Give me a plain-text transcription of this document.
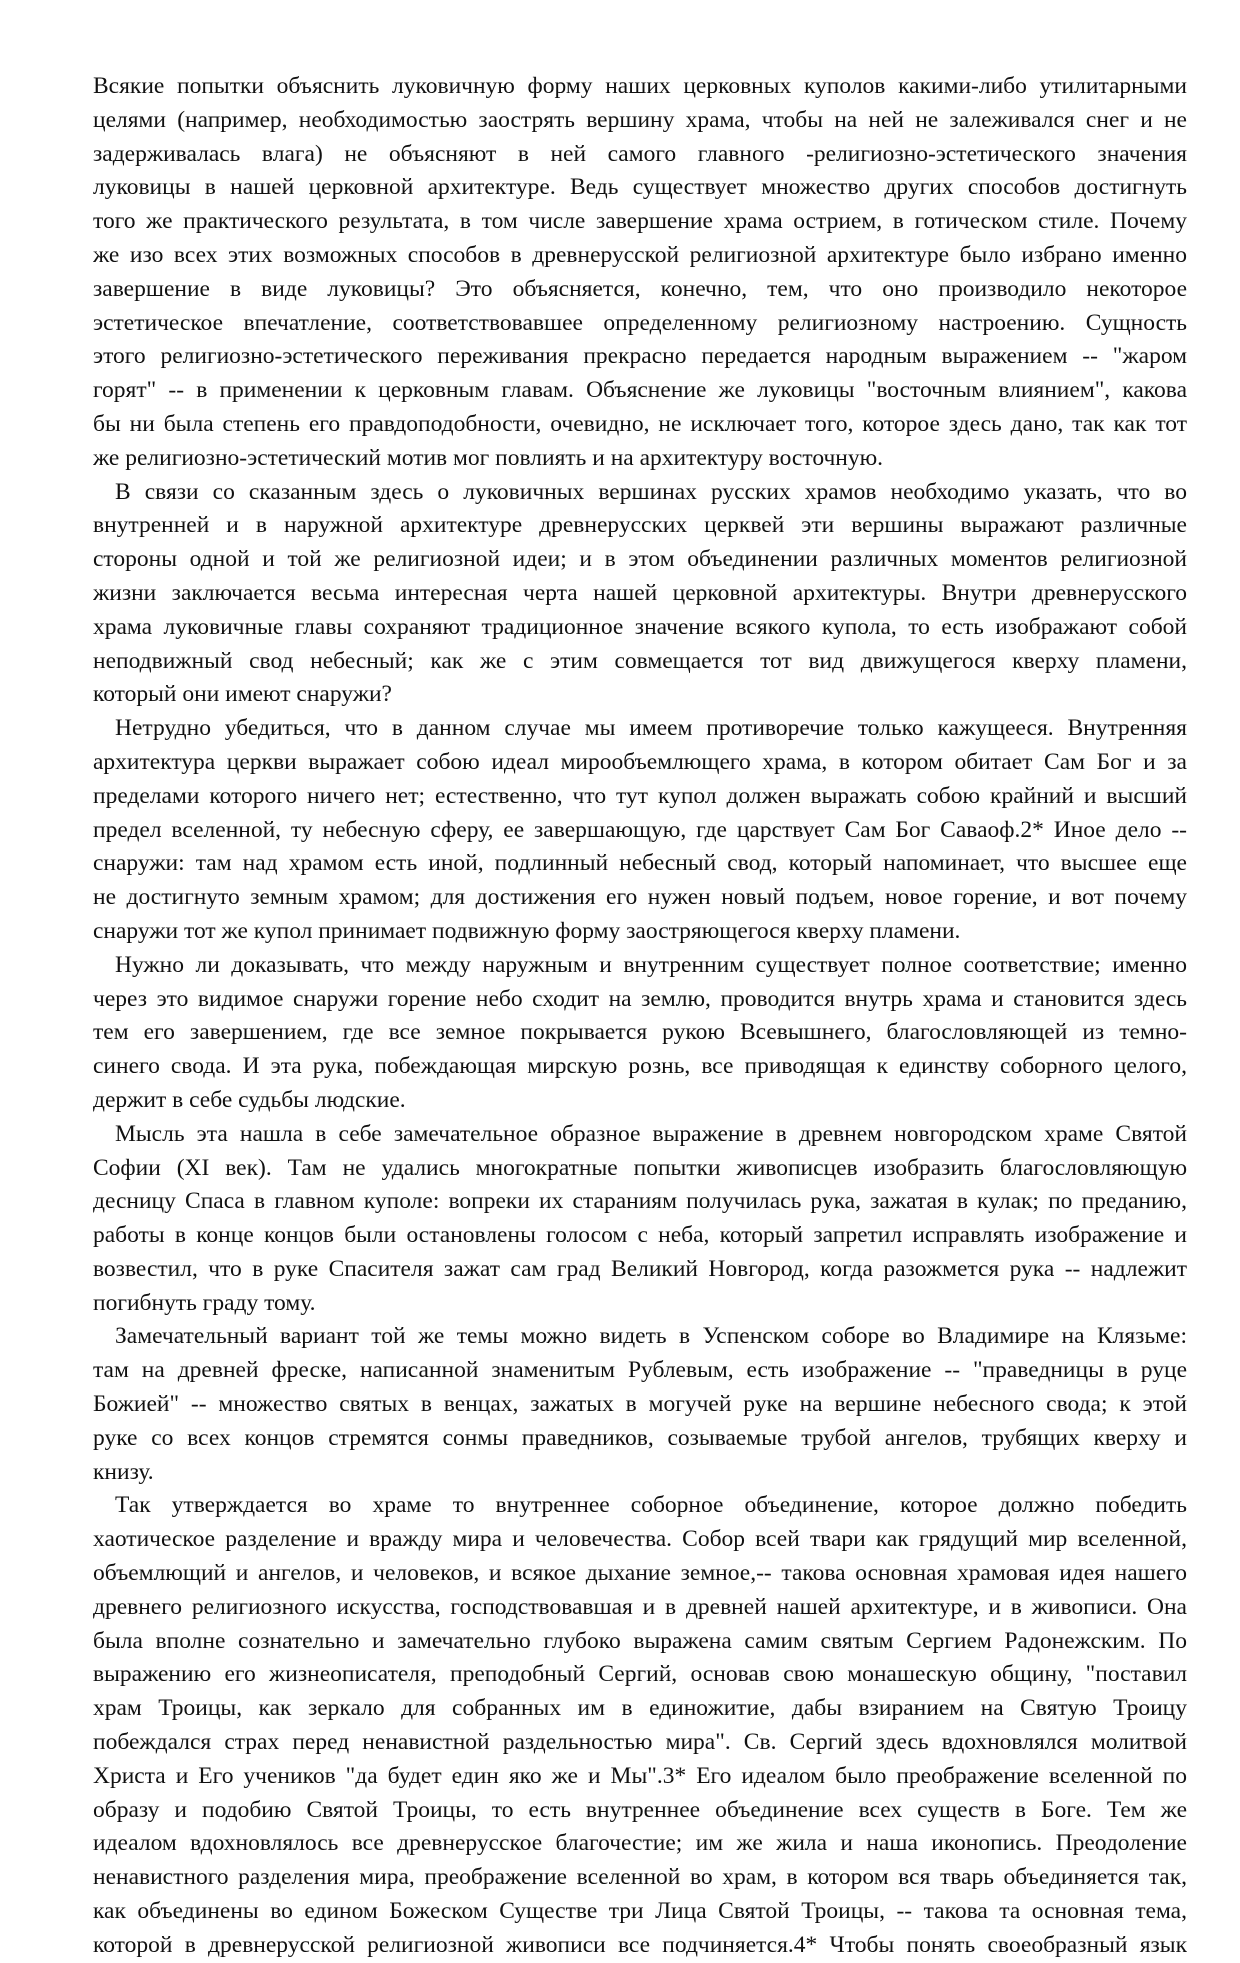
Всякие попытки объяснить луковичную форму наших церковных куполов какими-либо утилитарными
целями (например, необходимостью заострять вершину храма, чтобы на ней не залеживался снег и не
задерживалась влага) не объясняют в ней самого главного -религиозно-эстетического значения
луковицы в нашей церковной архитектуре. Ведь существует множество других способов достигнуть
того же практического результата, в том числе завершение храма острием, в готическом стиле. Почему
же изо всех этих возможных способов в древнерусской религиозной архитектуре было избрано именно
завершение в виде луковицы? Это объясняется, конечно, тем, что оно производило некоторое
эстетическое впечатление, соответствовавшее определенному религиозному настроению. Сущность
этого религиозно-эстетического переживания прекрасно передается народным выражением -- "жаром
горят" -- в применении к церковным главам. Объяснение же луковицы "восточным влиянием", какова
бы ни была степень его правдоподобности, очевидно, не исключает того, которое здесь дано, так как тот
же религиозно-эстетический мотив мог повлиять и на архитектуру восточную.
В связи со сказанным здесь о луковичных вершинах русских храмов необходимо указать, что во
внутренней и в наружной архитектуре древнерусских церквей эти вершины выражают различные
стороны одной и той же религиозной идеи; и в этом объединении различных моментов религиозной
жизни заключается весьма интересная черта нашей церковной архитектуры. Внутри древнерусского
храма луковичные главы сохраняют традиционное значение всякого купола, то есть изображают собой
неподвижный свод небесный; как же с этим совмещается тот вид движущегося кверху пламени,
который они имеют снаружи?
Нетрудно убедиться, что в данном случае мы имеем противоречие только кажущееся. Внутренняя
архитектура церкви выражает собою идеал мирообъемлющего храма, в котором обитает Сам Бог и за
пределами которого ничего нет; естественно, что тут купол должен выражать собою крайний и высший
предел вселенной, ту небесную сферу, ее завершающую, где царствует Сам Бог Саваоф.2* Иное дело --
снаружи: там над храмом есть иной, подлинный небесный свод, который напоминает, что высшее еще
не достигнуто земным храмом; для достижения его нужен новый подъем, новое горение, и вот почему
снаружи тот же купол принимает подвижную форму заостряющегося кверху пламени.
Нужно ли доказывать, что между наружным и внутренним существует полное соответствие; именно
через это видимое снаружи горение небо сходит на землю, проводится внутрь храма и становится здесь
тем его завершением, где все земное покрывается рукою Всевышнего, благословляющей из темно-
синего свода. И эта рука, побеждающая мирскую рознь, все приводящая к единству соборного целого,
держит в себе судьбы людские.
Мысль эта нашла в себе замечательное образное выражение в древнем новгородском храме Святой
Софии (XI век). Там не удались многократные попытки живописцев изобразить благословляющую
десницу Спаса в главном куполе: вопреки их стараниям получилась рука, зажатая в кулак; по преданию,
работы в конце концов были остановлены голосом с неба, который запретил исправлять изображение и
возвестил, что в руке Спасителя зажат сам град Великий Новгород, когда разожмется рука -- надлежит
погибнуть граду тому.
Замечательный вариант той же темы можно видеть в Успенском соборе во Владимире на Клязьме:
там на древней фреске, написанной знаменитым Рублевым, есть изображение -- "праведницы в руце
Божией" -- множество святых в венцах, зажатых в могучей руке на вершине небесного свода; к этой
руке со всех концов стремятся сонмы праведников, созываемые трубой ангелов, трубящих кверху и
книзу.
Так утверждается во храме то внутреннее соборное объединение, которое должно победить
хаотическое разделение и вражду мира и человечества. Собор всей твари как грядущий мир вселенной,
объемлющий и ангелов, и человеков, и всякое дыхание земное,-- такова основная храмовая идея нашего
древнего религиозного искусства, господствовавшая и в древней нашей архитектуре, и в живописи. Она
была вполне сознательно и замечательно глубоко выражена самим святым Сергием Радонежским. По
выражению его жизнеописателя, преподобный Сергий, основав свою монашескую общину, "поставил
храм Троицы, как зеркало для собранных им в единожитие, дабы взиранием на Святую Троицу
побеждался страх перед ненавистной раздельностью мира". Св. Сергий здесь вдохновлялся молитвой
Христа и Его учеников "да будет един яко же и Мы".3* Его идеалом было преображение вселенной по
образу и подобию Святой Троицы, то есть внутреннее объединение всех существ в Боге. Тем же
идеалом вдохновлялось все древнерусское благочестие; им же жила и наша иконопись. Преодоление
ненавистного разделения мира, преображение вселенной во храм, в котором вся тварь объединяется так,
как объединены во едином Божеском Существе три Лица Святой Троицы, -- такова та основная тема,
которой в древнерусской религиозной живописи все подчиняется.4* Чтобы понять своеобразный язык
